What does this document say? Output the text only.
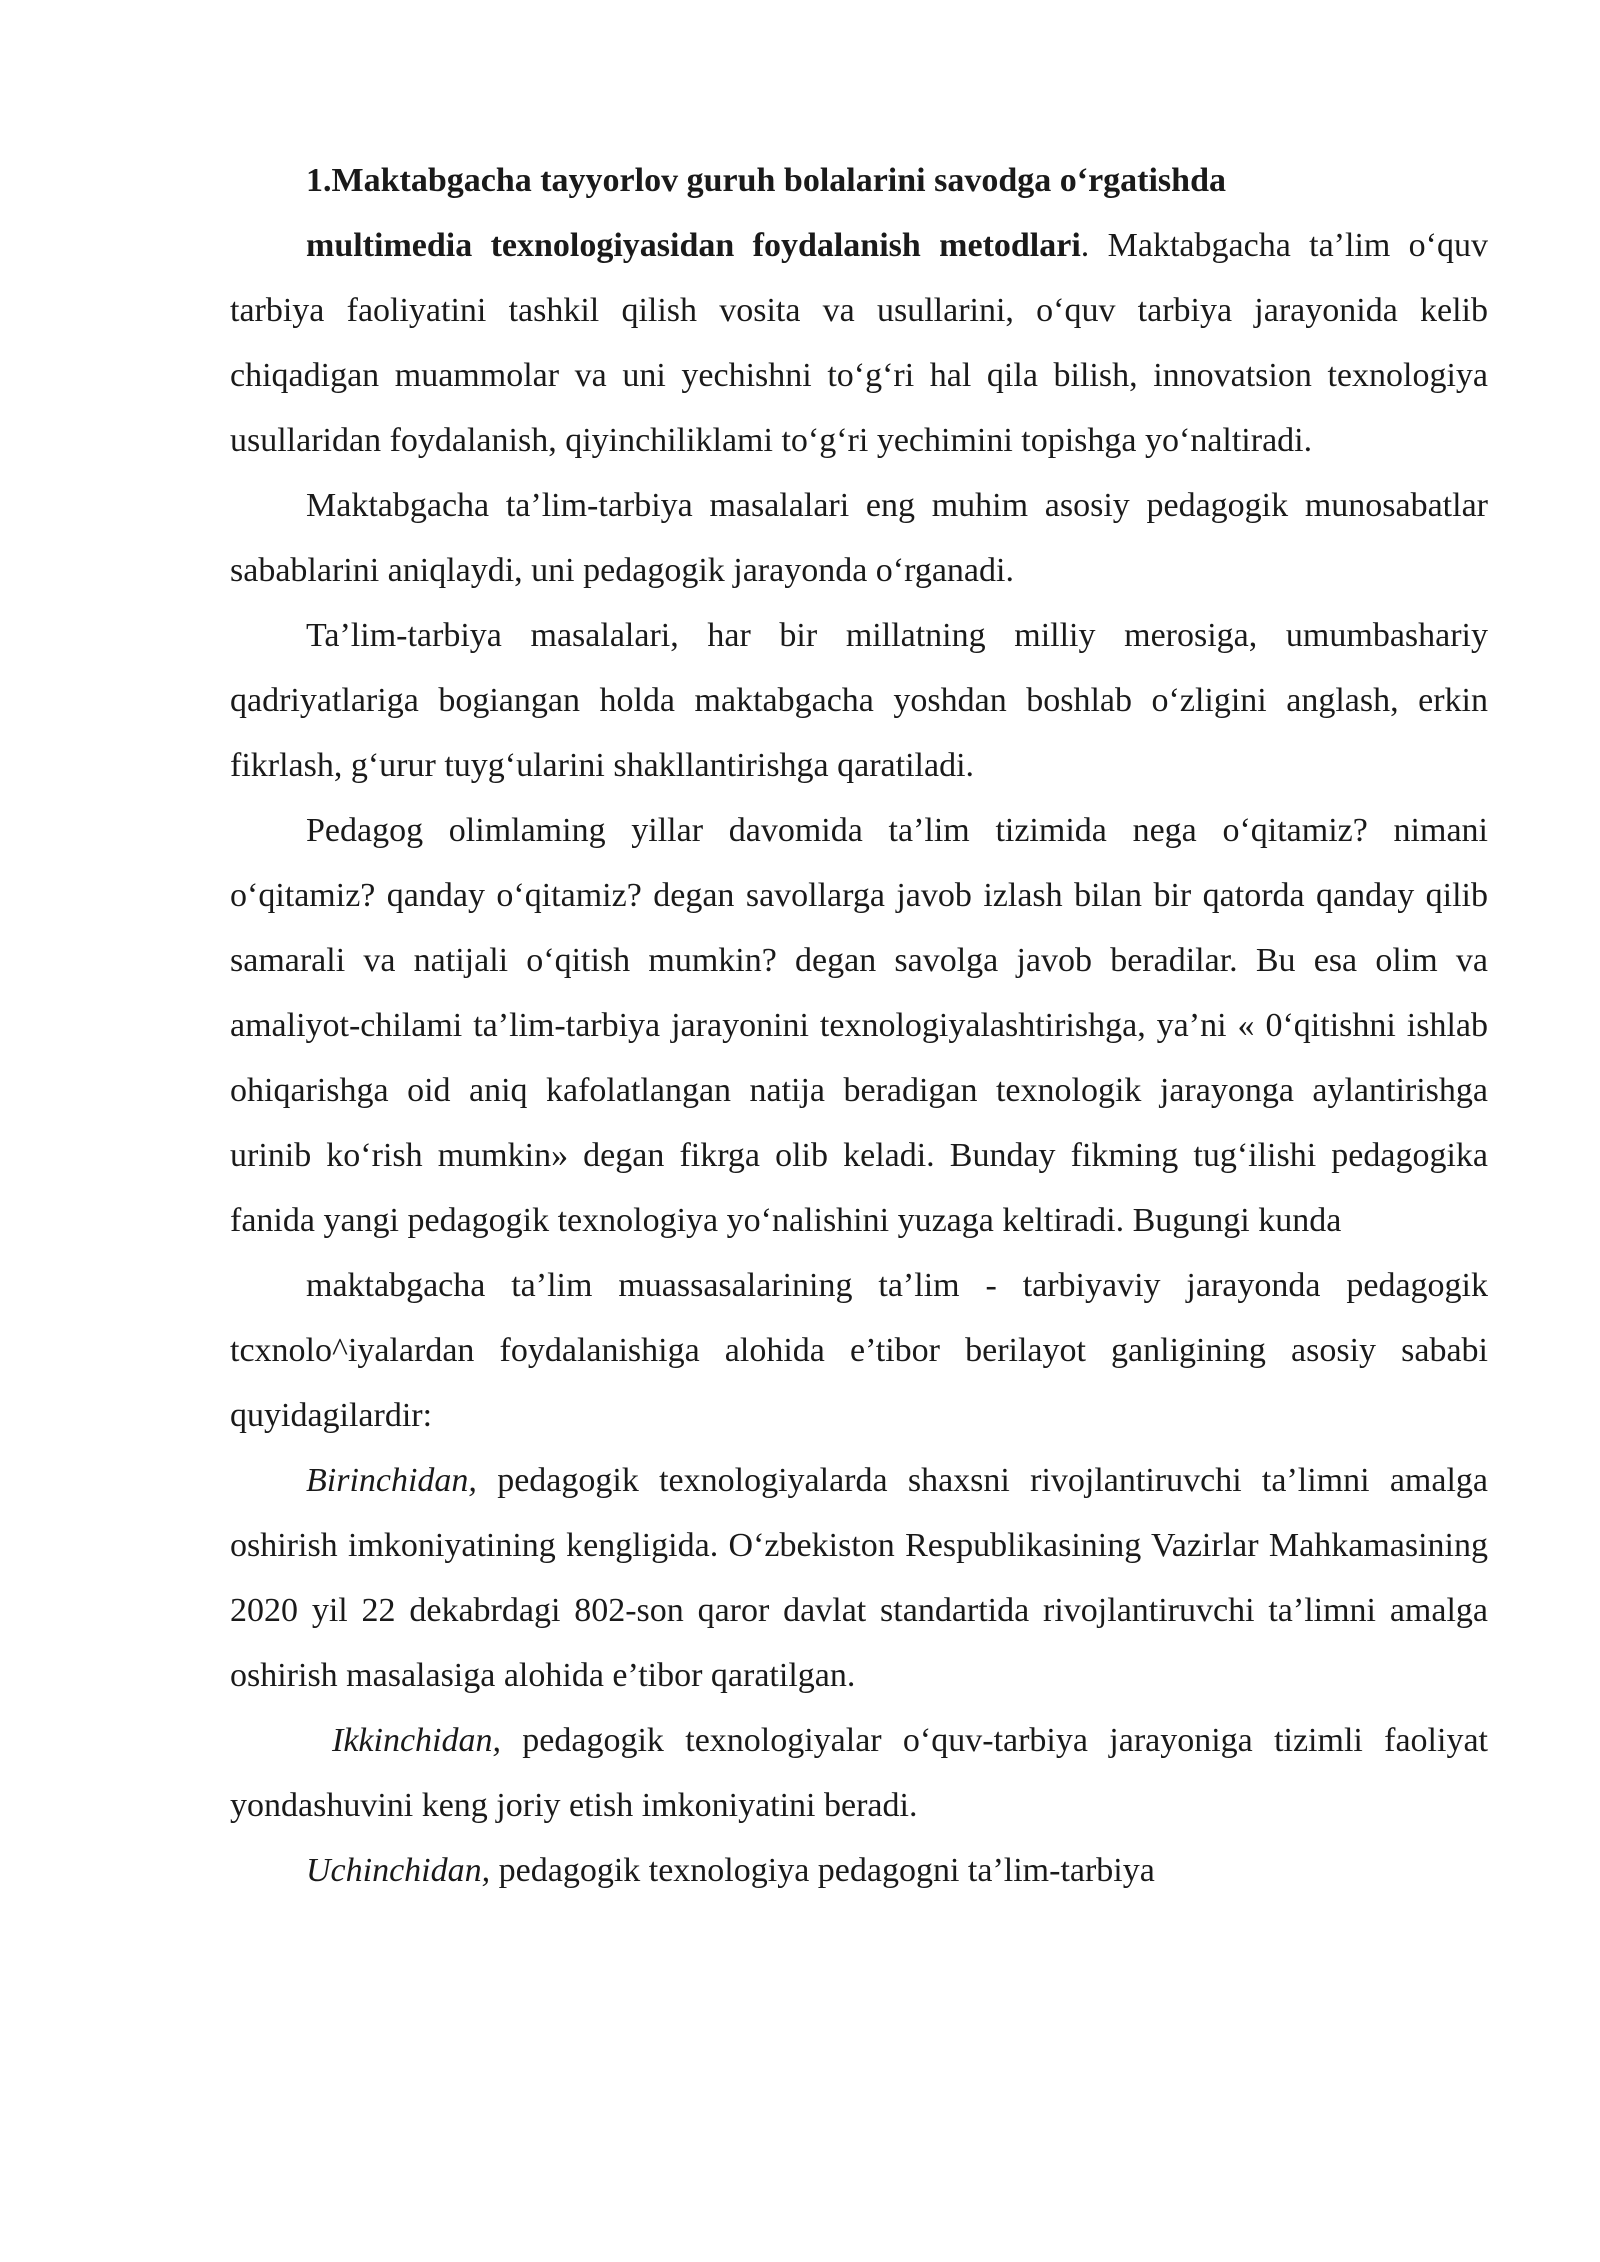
1.Maktabgacha tayyorlov guruh bolalarini savodga o‘rgatishda

multimedia texnologiyasidan foydalanish metodlari. Maktabgacha ta’lim o‘quv tarbiya faoliyatini tashkil qilish vosita va usullarini, o‘quv tarbiya jarayonida kelib chiqadigan muammolar va uni yechishni to‘g‘ri hal qila bilish, innovatsion texnologiya usullaridan foydalanish, qiyinchiliklami to‘g‘ri yechimini topishga yo‘naltiradi.

Maktabgacha ta’lim-tarbiya masalalari eng muhim asosiy pedagogik munosabatlar sabablarini aniqlaydi, uni pedagogik jarayonda o‘rganadi.

Ta’lim-tarbiya masalalari, har bir millatning milliy merosiga, umumbashariy qadriyatlariga bogiangan holda maktabgacha yoshdan boshlab o‘zligini anglash, erkin fikrlash, g‘urur tuyg‘ularini shakllantirishga qaratiladi.

Pedagog olimlaming yillar davomida ta’lim tizimida nega o‘qitamiz? nimani o‘qitamiz? qanday o‘qitamiz? degan savollarga javob izlash bilan bir qatorda qanday qilib samarali va natijali o‘qitish mumkin? degan savolga javob beradilar. Bu esa olim va amaliyot-chilami ta’lim-tarbiya jarayonini texnologiyalashtirishga, ya’ni « 0‘qitishni ishlab ohiqarishga oid aniq kafolatlangan natija beradigan texnologik jarayonga aylantirishga urinib ko‘rish mumkin» degan fikrga olib keladi. Bunday fikming tug‘ilishi pedagogika fanida yangi pedagogik texnologiya yo‘nalishini yuzaga keltiradi. Bugungi kunda

maktabgacha ta’lim muassasalarining ta’lim - tarbiyaviy jarayonda pedagogik tcxnolo^iyalardan foydalanishiga alohida e’tibor berilayot ganligining asosiy sababi quyidagilardir:

Birinchidan, pedagogik texnologiyalarda shaxsni rivojlantiruvchi ta’limni amalga oshirish imkoniyatining kengligida. O‘zbekiston Respublikasining Vazirlar Mahkamasining 2020 yil 22 dekabrdagi 802-son qaror davlat standartida rivojlantiruvchi ta’limni amalga oshirish masalasiga alohida e’tibor qaratilgan.

Ikkinchidan, pedagogik texnologiyalar o‘quv-tarbiya jarayoniga tizimli faoliyat yondashuvini keng joriy etish imkoniyatini beradi.

Uchinchidan, pedagogik texnologiya pedagogni ta’lim-tarbiya
